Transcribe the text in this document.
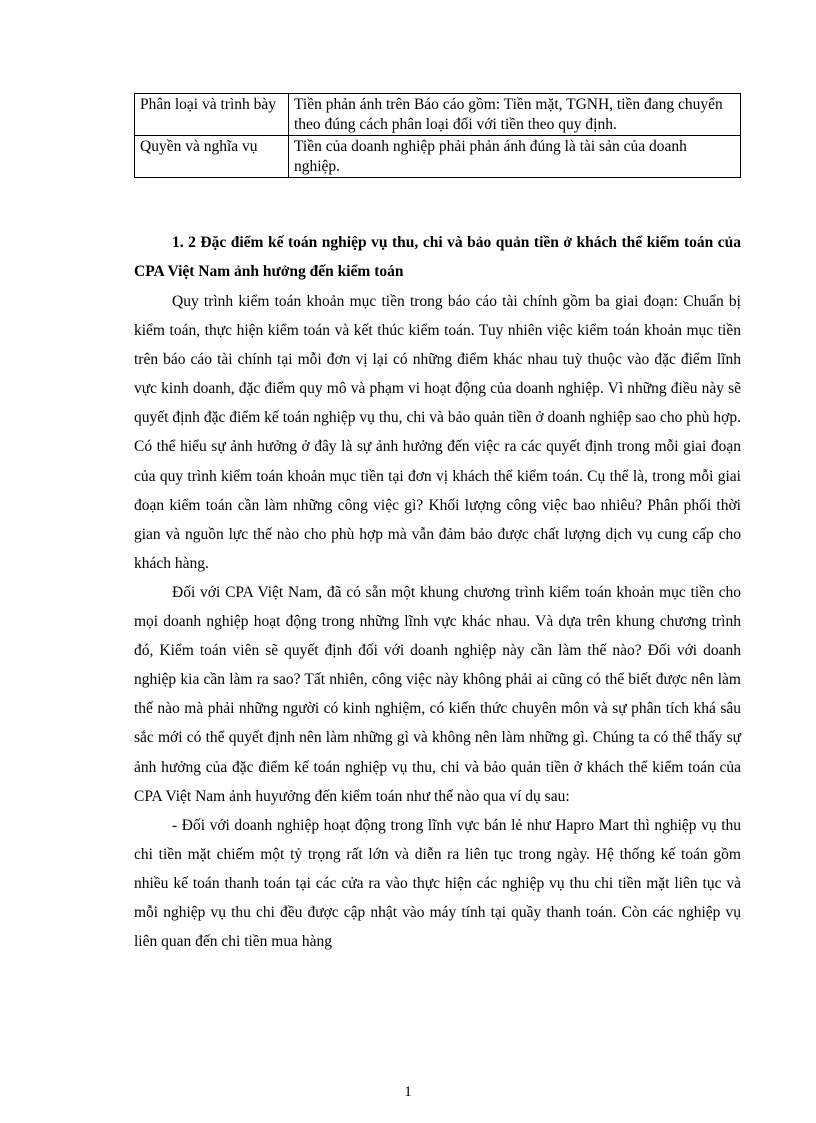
Phân loại và trình bày	Tiền phản ánh trên Báo cáo gồm: Tiền mặt, TGNH, tiền đang chuyển theo đúng cách phân loại đối với tiền theo quy định.
Quyền và nghĩa vụ	Tiền của doanh nghiệp phải phản ánh đúng là tài sản của doanh nghiệp.
1. 2 Đặc điểm kế toán nghiệp vụ thu, chi và bảo quản tiền ở khách thể kiểm toán của CPA Việt Nam ảnh hưởng đến kiểm toán

Quy trình kiểm toán khoản mục tiền trong báo cáo tài chính gồm ba giai đoạn: Chuẩn bị kiểm toán, thực hiện kiểm toán và kết thúc kiểm toán. Tuy nhiên việc kiểm toán khoản mục tiền trên báo cáo tài chính tại mỗi đơn vị lại có những điểm khác nhau tuỳ thuộc vào đặc điểm lĩnh vực kinh doanh, đặc điểm quy mô và phạm vi hoạt động của doanh nghiệp. Vì những điều này sẽ quyết định đặc điểm kế toán nghiệp vụ thu, chi và bảo quản tiền ở doanh nghiệp sao cho phù hợp. Có thể hiểu sự ảnh hưởng ở đây là sự ảnh hưởng đến việc ra các quyết định trong mỗi giai đoạn của quy trình kiểm toán khoản mục tiền tại đơn vị khách thể kiểm toán. Cụ thể là, trong mỗi giai đoạn kiểm toán cần làm những công việc gì? Khối lượng công việc bao nhiêu? Phân phối thời gian và nguồn lực thế nào cho phù hợp mà vẫn đảm bảo được chất lượng dịch vụ cung cấp cho khách hàng.

Đối với CPA Việt Nam, đã có sẵn một khung chương trình kiểm toán khoản mục tiền cho mọi doanh nghiệp hoạt động trong những lĩnh vực khác nhau. Và dựa trên khung chương trình đó, Kiểm toán viên sẽ quyết định đối với doanh nghiệp này cần làm thế nào? Đối với doanh nghiệp kia cần làm ra sao? Tất nhiên, công việc này không phải ai cũng có thể biết được nên làm thế nào mà phải những người có kinh nghiệm, có kiến thức chuyên môn và sự phân tích khá sâu sắc mới có thể quyết định nên làm những gì và không nên làm những gì. Chúng ta có thể thấy sự ảnh hưởng của đặc điểm kế toán nghiệp vụ thu, chi và bảo quản tiền ở khách thể kiểm toán của CPA Việt Nam ảnh huyưởng đến kiểm toán như thế nào qua ví dụ sau:

- Đối với doanh nghiệp hoạt động trong lĩnh vực bán lẻ như Hapro Mart thì nghiệp vụ thu chi tiền mặt chiếm một tỷ trọng rất lớn và diễn ra liên tục trong ngày. Hệ thống kế toán gồm nhiều kế toán thanh toán tại các cửa ra vào thực hiện các nghiệp vụ thu chi tiền mặt liên tục và mỗi nghiệp vụ thu chi đều được cập nhật vào máy tính tại quầy thanh toán. Còn các nghiệp vụ liên quan đến chi tiền mua hàng

1
